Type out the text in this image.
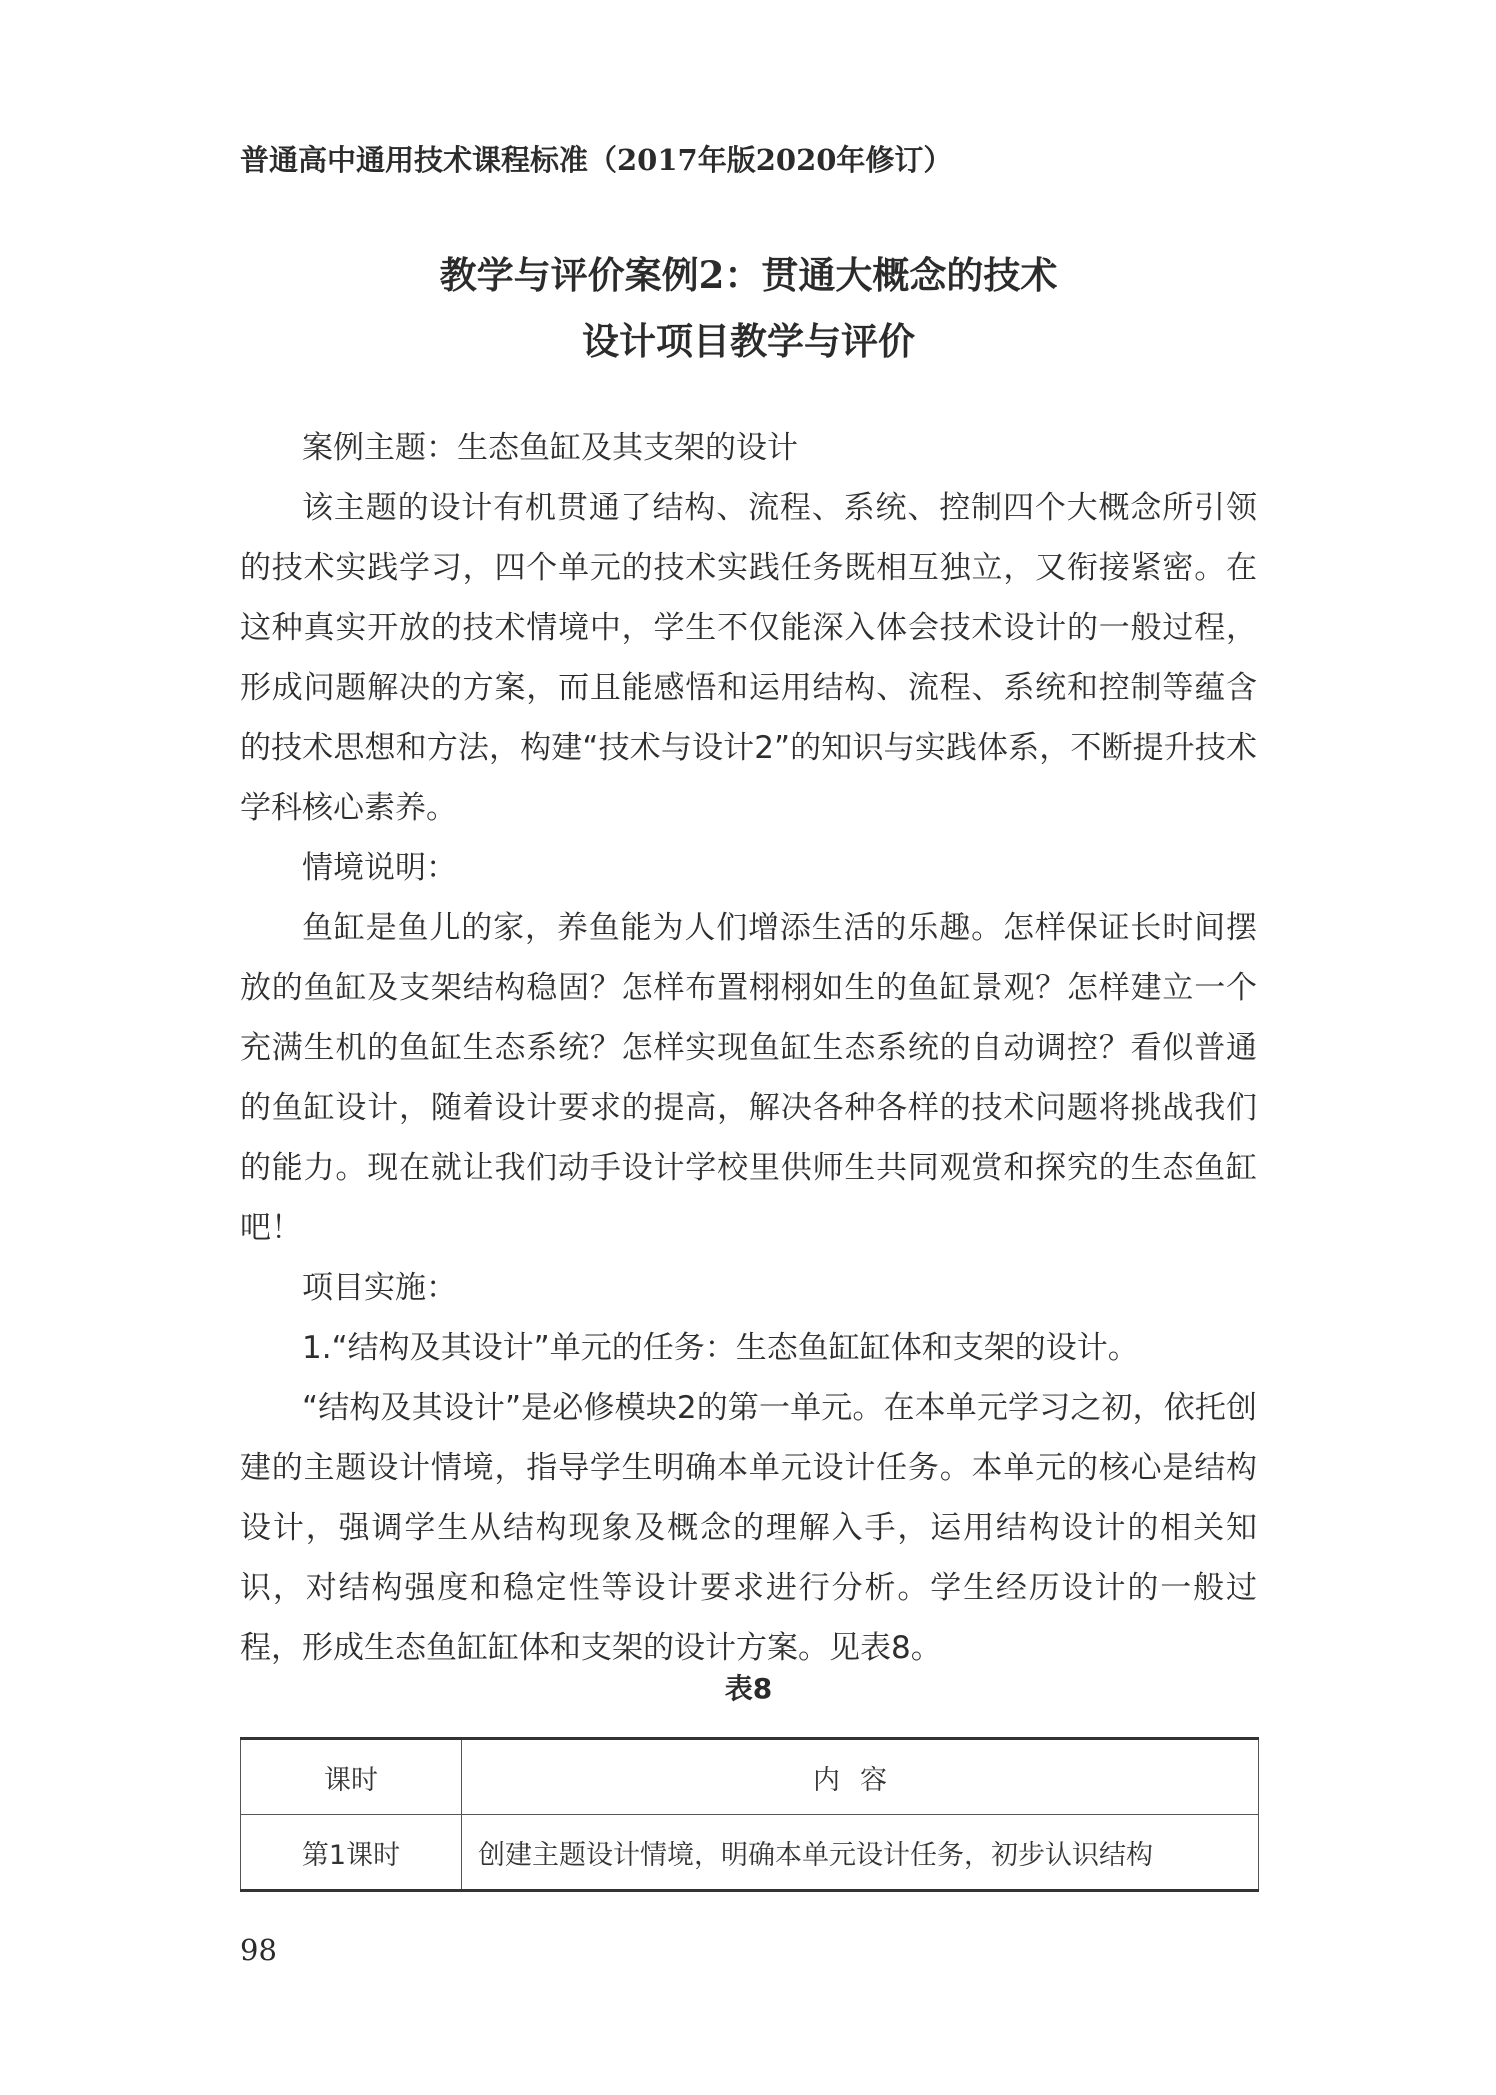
普通高中通用技术课程标准（2017年版2020年修订）
教学与评价案例2：贯通大概念的技术
设计项目教学与评价

案例主题：生态鱼缸及其支架的设计

该主题的设计有机贯通了结构、流程、系统、控制四个大概念所引领的技术实践学习，四个单元的技术实践任务既相互独立，又衔接紧密。在这种真实开放的技术情境中，学生不仅能深入体会技术设计的一般过程，形成问题解决的方案，而且能感悟和运用结构、流程、系统和控制等蕴含的技术思想和方法，构建“技术与设计2”的知识与实践体系，不断提升技术学科核心素养。

情境说明：

鱼缸是鱼儿的家，养鱼能为人们增添生活的乐趣。怎样保证长时间摆放的鱼缸及支架结构稳固？怎样布置栩栩如生的鱼缸景观？怎样建立一个充满生机的鱼缸生态系统？怎样实现鱼缸生态系统的自动调控？看似普通的鱼缸设计，随着设计要求的提高，解决各种各样的技术问题将挑战我们的能力。现在就让我们动手设计学校里供师生共同观赏和探究的生态鱼缸吧！

项目实施：

1.“结构及其设计”单元的任务：生态鱼缸缸体和支架的设计。

“结构及其设计”是必修模块2的第一单元。在本单元学习之初，依托创建的主题设计情境，指导学生明确本单元设计任务。本单元的核心是结构设计，强调学生从结构现象及概念的理解入手，运用结构设计的相关知识，对结构强度和稳定性等设计要求进行分析。学生经历设计的一般过程，形成生态鱼缸缸体和支架的设计方案。见表8。

表8
课时	内容
第1课时	创建主题设计情境，明确本单元设计任务，初步认识结构
98
